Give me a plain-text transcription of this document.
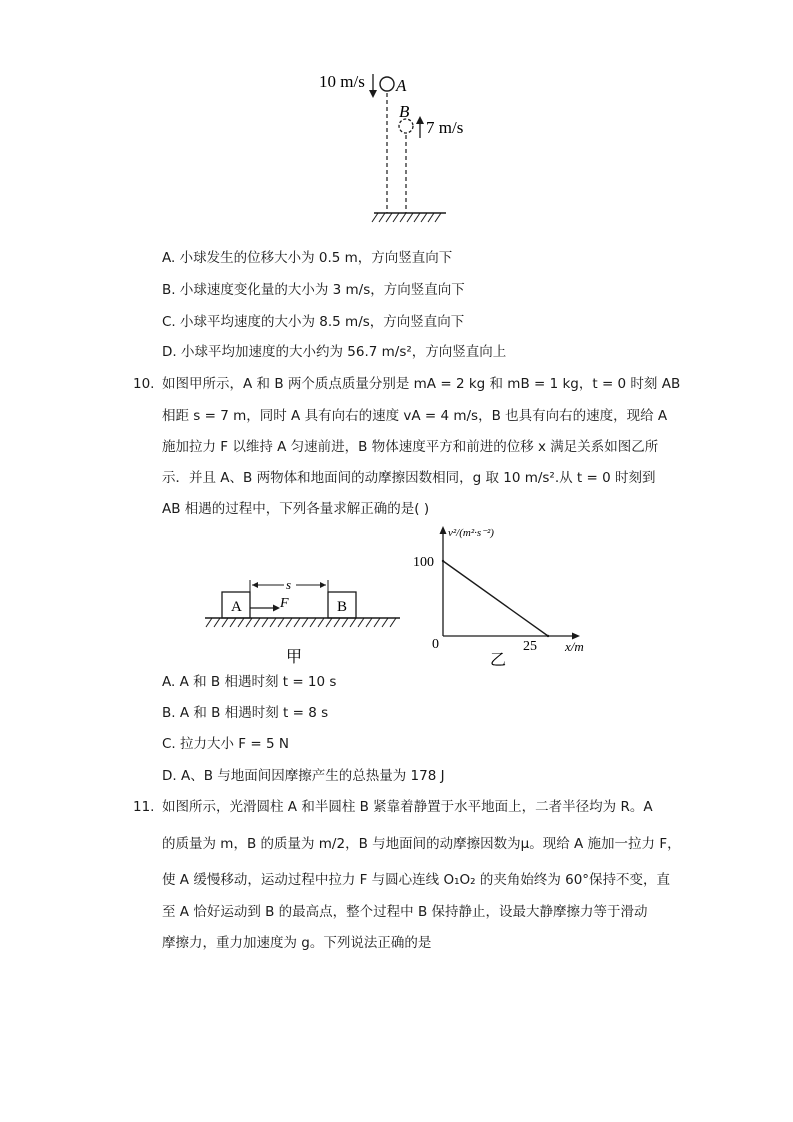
10 m/s A
B
7 m/s
A. 小球发生的位移大小为 0.5 m，方向竖直向下
B. 小球速度变化量的大小为 3 m/s，方向竖直向下
C. 小球平均速度的大小为 8.5 m/s，方向竖直向下
D. 小球平均加速度的大小约为 56.7 m/s²，方向竖直向上
10. 如图甲所示，A 和 B 两个质点质量分别是 mA = 2 kg 和 mB = 1 kg，t = 0 时刻 AB
相距 s = 7 m，同时 A 具有向右的速度 vA = 4 m/s，B 也具有向右的速度，现给 A
施加拉力 F 以维持 A 匀速前进，B 物体速度平方和前进的位移 x 满足关系如图乙所
示．并且 A、B 两物体和地面间的动摩擦因数相同，g 取 10 m/s².从 t = 0 时刻到
AB 相遇的过程中，下列各量求解正确的是( )
s
A	F	B
甲
v²/(m²·s⁻²)
100
0	25 x/m
乙
A. A 和 B 相遇时刻 t = 10 s
B. A 和 B 相遇时刻 t = 8 s
C. 拉力大小 F = 5 N
D. A、B 与地面间因摩擦产生的总热量为 178 J
11. 如图所示，光滑圆柱 A 和半圆柱 B 紧靠着静置于水平地面上，二者半径均为 R。A
的质量为 m，B 的质量为 m/2，B 与地面间的动摩擦因数为μ。现给 A 施加一拉力 F，
使 A 缓慢移动，运动过程中拉力 F 与圆心连线 O₁O₂ 的夹角始终为 60°保持不变，直
至 A 恰好运动到 B 的最高点，整个过程中 B 保持静止，设最大静摩擦力等于滑动
摩擦力，重力加速度为 g。下列说法正确的是
